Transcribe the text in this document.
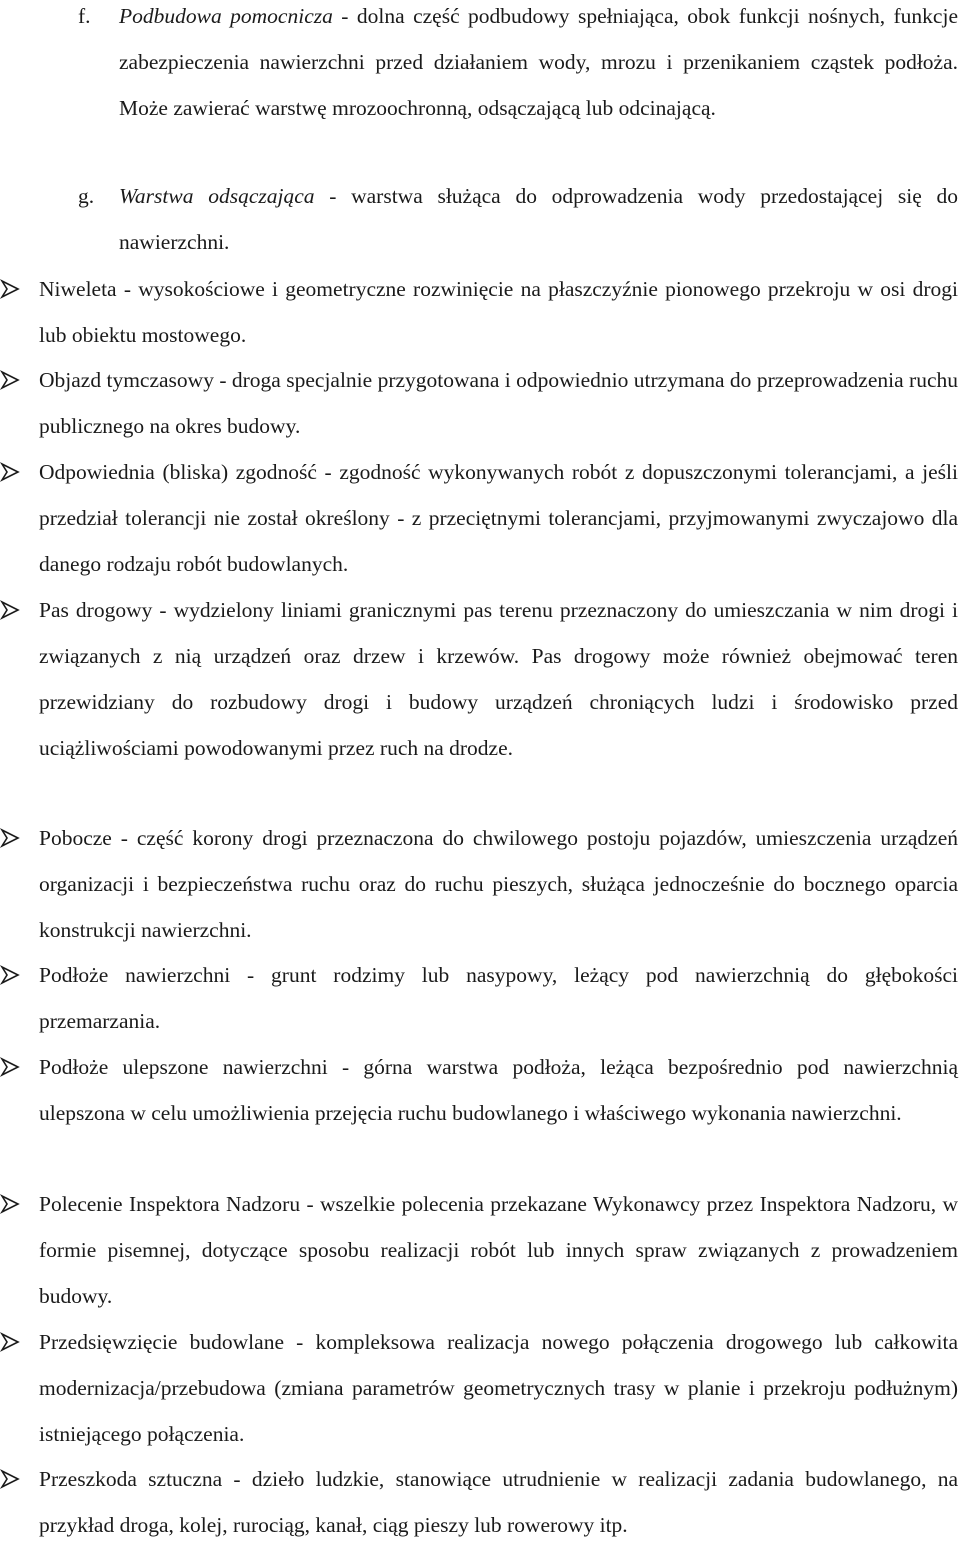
f. Podbudowa pomocnicza - dolna część podbudowy spełniająca, obok funkcji nośnych, funkcje zabezpieczenia nawierzchni przed działaniem wody, mrozu i przenikaniem cząstek podłoża. Może zawierać warstwę mrozoochronną, odsączającą lub odcinającą.
g. Warstwa odsączająca - warstwa służąca do odprowadzenia wody przedostającej się do nawierzchni.
Niweleta - wysokościowe i geometryczne rozwinięcie na płaszczyźnie pionowego przekroju w osi drogi lub obiektu mostowego.
Objazd tymczasowy - droga specjalnie przygotowana i odpowiednio utrzymana do przeprowadzenia ruchu publicznego na okres budowy.
Odpowiednia (bliska) zgodność - zgodność wykonywanych robót z dopuszczonymi tolerancjami, a jeśli przedział tolerancji nie został określony - z przeciętnymi tolerancjami, przyjmowanymi zwyczajowo dla danego rodzaju robót budowlanych.
Pas drogowy - wydzielony liniami granicznymi pas terenu przeznaczony do umieszczania w nim drogi i związanych z nią urządzeń oraz drzew i krzewów. Pas drogowy może również obejmować teren przewidziany do rozbudowy drogi i budowy urządzeń chroniących ludzi i środowisko przed uciążliwościami powodowanymi przez ruch na drodze.
Pobocze - część korony drogi przeznaczona do chwilowego postoju pojazdów, umieszczenia urządzeń organizacji i bezpieczeństwa ruchu oraz do ruchu pieszych, służąca jednocześnie do bocznego oparcia konstrukcji nawierzchni.
Podłoże nawierzchni - grunt rodzimy lub nasypowy, leżący pod nawierzchnią do głębokości przemarzania.
Podłoże ulepszone nawierzchni - górna warstwa podłoża, leżąca bezpośrednio pod nawierzchnią ulepszona w celu umożliwienia przejęcia ruchu budowlanego i właściwego wykonania nawierzchni.
Polecenie Inspektora Nadzoru - wszelkie polecenia przekazane Wykonawcy przez Inspektora Nadzoru, w formie pisemnej, dotyczące sposobu realizacji robót lub innych spraw związanych z prowadzeniem budowy.
Przedsięwzięcie budowlane - kompleksowa realizacja nowego połączenia drogowego lub całkowita modernizacja/przebudowa (zmiana parametrów geometrycznych trasy w planie i przekroju podłużnym) istniejącego połączenia.
Przeszkoda sztuczna - dzieło ludzkie, stanowiące utrudnienie w realizacji zadania budowlanego, na przykład droga, kolej, rurociąg, kanał, ciąg pieszy lub rowerowy itp.
